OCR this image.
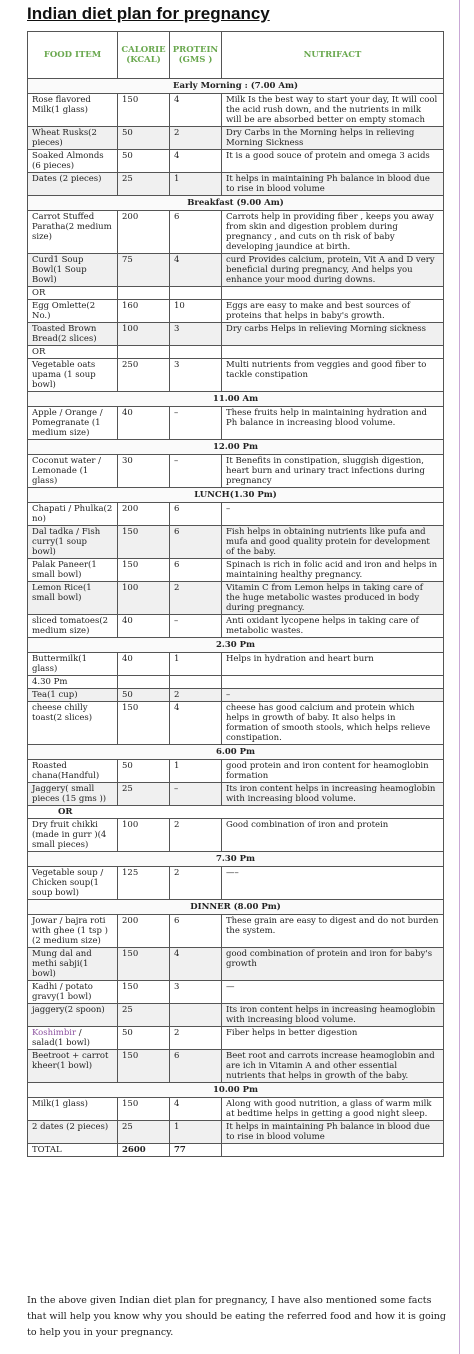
Indian diet plan for pregnancy
FOOD ITEM	CALORIE (KCAL)	PROTEIN (GMS )	NUTRIFACT
Early Morning : (7.00 Am)			
Rose flavored Milk(1 glass)	150	4	Milk Is the best way to start your day, It will cool the acid rush down, and the nutrients in milk will be are absorbed better on empty stomach
Wheat Rusks(2 pieces)	50	2	Dry Carbs in the Morning helps in relieving Morning Sickness
Soaked Almonds (6 pieces)	50	4	It is a good souce of protein and omega 3 acids
Dates (2 pieces)	25	1	It helps in maintaining Ph balance in blood due to rise in blood volume
Breakfast (9.00 Am)			
Carrot Stuffed Paratha(2 medium size)	200	6	Carrots help in providing fiber , keeps you away from skin and digestion problem during pregnancy , and cuts on th risk of baby developing jaundice at birth.
Curd1 Soup Bowl(1 Soup Bowl)	75	4	curd Provides calcium, protein, Vit A and D very beneficial during pregnancy, And helps you enhance your mood during downs.
OR			
Egg Omlette(2 No.)	160	10	Eggs are easy to make and best sources of proteins that helps in baby's growth.
Toasted Brown Bread(2 slices)	100	3	Dry carbs Helps in relieving Morning sickness
OR			
Vegetable oats upama (1 soup bowl)	250	3	Multi nutrients from veggies and good fiber to tackle constipation
11.00 Am			
Apple / Orange / Pomegranate (1 medium size)	40	–	These fruits help in maintaining hydration and Ph balance in increasing blood volume.
12.00 Pm			
Coconut water / Lemonade (1 glass)	30	–	It Benefits in constipation, sluggish digestion, heart burn and urinary tract infections during pregnancy
LUNCH(1.30 Pm)			
Chapati / Phulka(2 no)	200	6	–
Dal tadka / Fish curry(1 soup bowl)	150	6	Fish helps in obtaining nutrients like pufa and mufa and good quality protein for development of the baby.
Palak Paneer(1 small bowl)	150	6	Spinach is rich in folic acid and iron and helps in maintaining healthy pregnancy.
Lemon Rice(1 small bowl)	100	2	Vitamin C from Lemon helps in taking care of the huge metabolic wastes produced in body during pregnancy.
sliced tomatoes(2 medium size)	40	–	Anti oxidant lycopene helps in taking care of metabolic wastes.
2.30 Pm			
Buttermilk(1 glass)	40	1	Helps in hydration and heart burn
4.30 Pm			
Tea(1 cup)	50	2	–
cheese chilly toast(2 slices)	150	4	cheese has good calcium and protein which helps in growth of baby. It also helps in formation of smooth stools, which helps relieve constipation.
6.00 Pm			
Roasted chana(Handful)	50	1	good protein and iron content for heamoglobin formation
Jaggery( small pieces (15 gms ))	25	–	Its iron content helps in increasing heamoglobin with increasing blood volume.
OR			
Dry fruit chikki (made in gurr )(4 small pieces)	100	2	Good combination of iron and protein
7.30 Pm			
Vegetable soup / Chicken soup(1 soup bowl)	125	2	—–
DINNER (8.00 Pm)			
Jowar / bajra roti with ghee (1 tsp )(2 medium size)	200	6	These grain are easy to digest and do not burden the system.
Mung dal and methi sabji(1 bowl)	150	4	good combination of protein and iron for baby's growth
Kadhi / potato gravy(1 bowl)	150	3	—
jaggery(2 spoon)	25		Its iron content helps in increasing heamoglobin with increasing blood volume.
Koshimbir / salad(1 bowl)	50	2	Fiber helps in better digestion
Beetroot + carrot kheer(1 bowl)	150	6	Beet root and carrots increase heamoglobin and are ich in Vitamin A and other essential nutrients that helps in growth of the baby.
10.00 Pm			
Milk(1 glass)	150	4	Along with good nutrition, a glass of warm milk at bedtime helps in getting a good night sleep.
2 dates (2 pieces)	25	1	It helps in maintaining Ph balance in blood due to rise in blood volume
TOTAL	2600	77	

In the above given Indian diet plan for pregnancy, I have also mentioned some facts that will help you know why you should be eating the referred food and how it is going to help you in your pregnancy.
